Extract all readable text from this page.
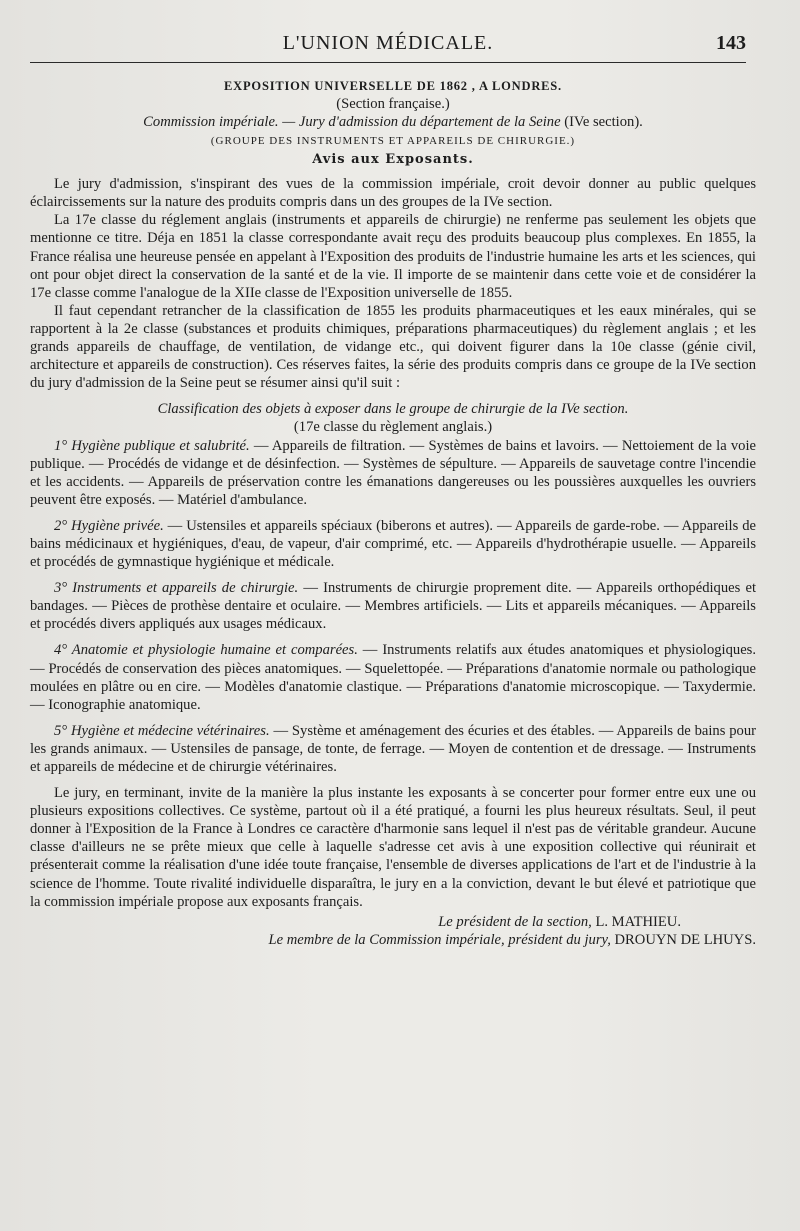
L'UNION MÉDICALE.	143
EXPOSITION UNIVERSELLE DE 1862 , A LONDRES.
(Section française.)
Commission impériale. — Jury d'admission du département de la Seine (IVe section).
(GROUPE DES INSTRUMENTS ET APPAREILS DE CHIRURGIE.)
Avis aux Exposants.

Le jury d'admission, s'inspirant des vues de la commission impériale, croit devoir donner au public quelques éclaircissements sur la nature des produits compris dans un des groupes de la IVe section.

La 17e classe du réglement anglais (instruments et appareils de chirurgie) ne renferme pas seulement les objets que mentionne ce titre. Déja en 1851 la classe correspondante avait reçu des produits beaucoup plus complexes. En 1855, la France réalisa une heureuse pensée en appelant à l'Exposition des produits de l'industrie humaine les arts et les sciences, qui ont pour objet direct la conservation de la santé et de la vie. Il importe de se maintenir dans cette voie et de considérer la 17e classe comme l'analogue de la XIIe classe de l'Exposition universelle de 1855.

Il faut cependant retrancher de la classification de 1855 les produits pharmaceutiques et les eaux minérales, qui se rapportent à la 2e classe (substances et produits chimiques, préparations pharmaceutiques) du règlement anglais ; et les grands appareils de chauffage, de ventilation, de vidange etc., qui doivent figurer dans la 10e classe (génie civil, architecture et appareils de construction). Ces réserves faites, la série des produits compris dans ce groupe de la IVe section du jury d'admission de la Seine peut se résumer ainsi qu'il suit :

Classification des objets à exposer dans le groupe de chirurgie de la IVe section.
(17e classe du règlement anglais.)

1° Hygiène publique et salubrité. — Appareils de filtration. — Systèmes de bains et lavoirs. — Nettoiement de la voie publique. — Procédés de vidange et de désinfection. — Systèmes de sépulture. — Appareils de sauvetage contre l'incendie et les accidents. — Appareils de préservation contre les émanations dangereuses ou les poussières auxquelles les ouvriers peuvent être exposés. — Matériel d'ambulance.

2° Hygiène privée. — Ustensiles et appareils spéciaux (biberons et autres). — Appareils de garde-robe. — Appareils de bains médicinaux et hygiéniques, d'eau, de vapeur, d'air comprimé, etc. — Appareils d'hydrothérapie usuelle. — Appareils et procédés de gymnastique hygiénique et médicale.

3° Instruments et appareils de chirurgie. — Instruments de chirurgie proprement dite. — Appareils orthopédiques et bandages. — Pièces de prothèse dentaire et oculaire. — Membres artificiels. — Lits et appareils mécaniques. — Appareils et procédés divers appliqués aux usages médicaux.

4° Anatomie et physiologie humaine et comparées. — Instruments relatifs aux études anatomiques et physiologiques. — Procédés de conservation des pièces anatomiques. — Squelettopée. — Préparations d'anatomie normale ou pathologique moulées en plâtre ou en cire. — Modèles d'anatomie clastique. — Préparations d'anatomie microscopique. — Taxydermie. — Iconographie anatomique.

5° Hygiène et médecine vétérinaires. — Système et aménagement des écuries et des étables. — Appareils de bains pour les grands animaux. — Ustensiles de pansage, de tonte, de ferrage. — Moyen de contention et de dressage. — Instruments et appareils de médecine et de chirurgie vétérinaires.

Le jury, en terminant, invite de la manière la plus instante les exposants à se concerter pour former entre eux une ou plusieurs expositions collectives. Ce système, partout où il a été pratiqué, a fourni les plus heureux résultats. Seul, il peut donner à l'Exposition de la France à Londres ce caractère d'harmonie sans lequel il n'est pas de véritable grandeur. Aucune classe d'ailleurs ne se prête mieux que celle à laquelle s'adresse cet avis à une exposition collective qui réunirait et présenterait comme la réalisation d'une idée toute française, l'ensemble de diverses applications de l'art et de l'industrie à la science de l'homme. Toute rivalité individuelle disparaîtra, le jury en a la conviction, devant le but élevé et patriotique que la commission impériale propose aux exposants français.

Le président de la section, L. MATHIEU.
Le membre de la Commission impériale, président du jury, DROUYN DE LHUYS.
